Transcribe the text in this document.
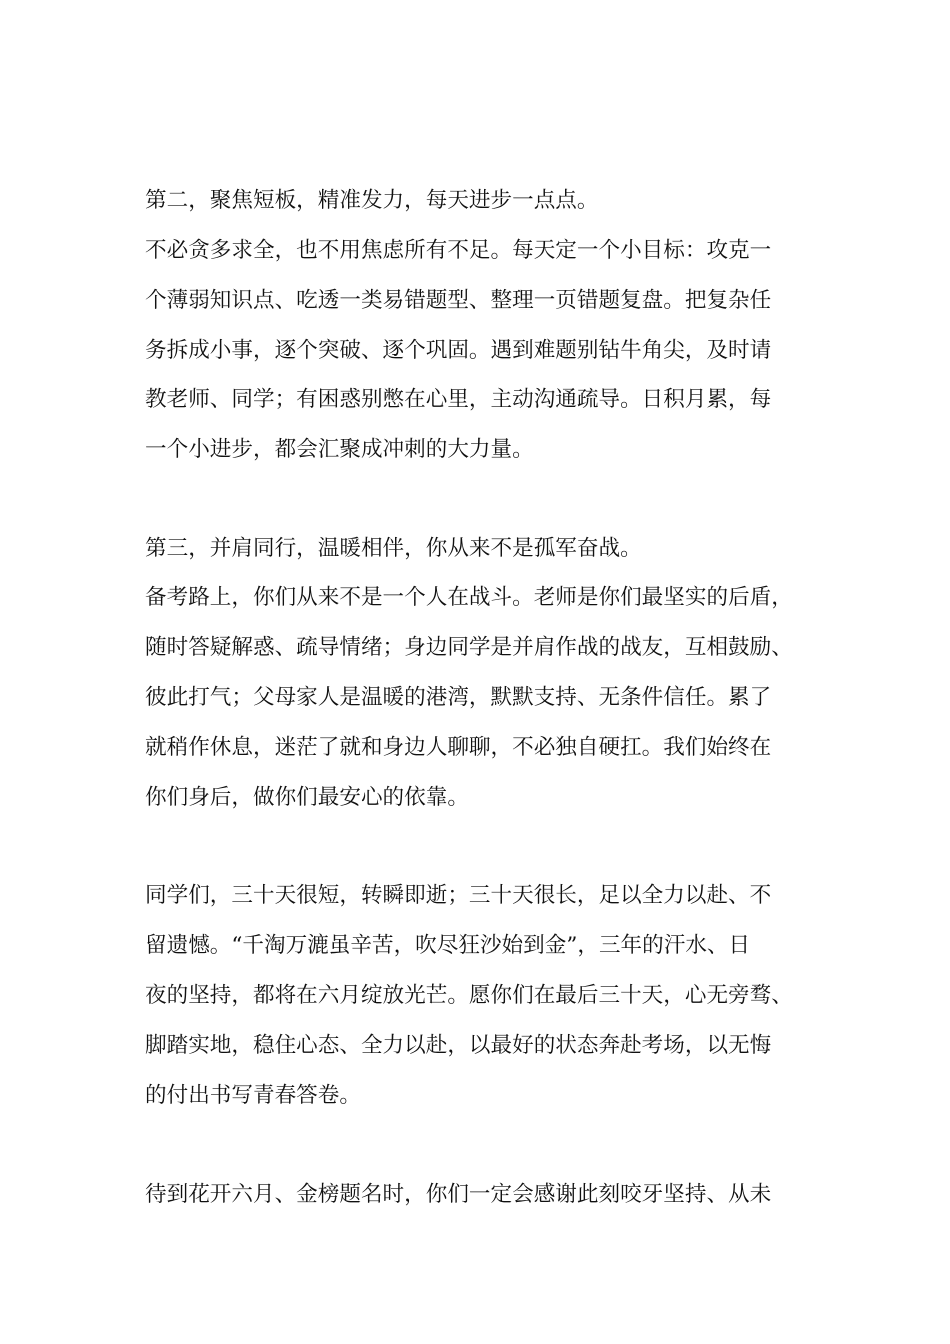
第二，聚焦短板，精准发力，每天进步一点点。

不必贪多求全，也不用焦虑所有不足。每天定一个小目标：攻克一

个薄弱知识点、吃透一类易错题型、整理一页错题复盘。把复杂任

务拆成小事，逐个突破、逐个巩固。遇到难题别钻牛角尖，及时请

教老师、同学；有困惑别憋在心里，主动沟通疏导。日积月累，每

一个小进步，都会汇聚成冲刺的大力量。

第三，并肩同行，温暖相伴，你从来不是孤军奋战。

备考路上，你们从来不是一个人在战斗。老师是你们最坚实的后盾，

随时答疑解惑、疏导情绪；身边同学是并肩作战的战友，互相鼓励、

彼此打气；父母家人是温暖的港湾，默默支持、无条件信任。累了

就稍作休息，迷茫了就和身边人聊聊，不必独自硬扛。我们始终在

你们身后，做你们最安心的依靠。

同学们，三十天很短，转瞬即逝；三十天很长，足以全力以赴、不

留遗憾。“千淘万漉虽辛苦，吹尽狂沙始到金”，三年的汗水、日

夜的坚持，都将在六月绽放光芒。愿你们在最后三十天，心无旁骛、

脚踏实地，稳住心态、全力以赴，以最好的状态奔赴考场，以无悔

的付出书写青春答卷。

待到花开六月、金榜题名时，你们一定会感谢此刻咬牙坚持、从未
